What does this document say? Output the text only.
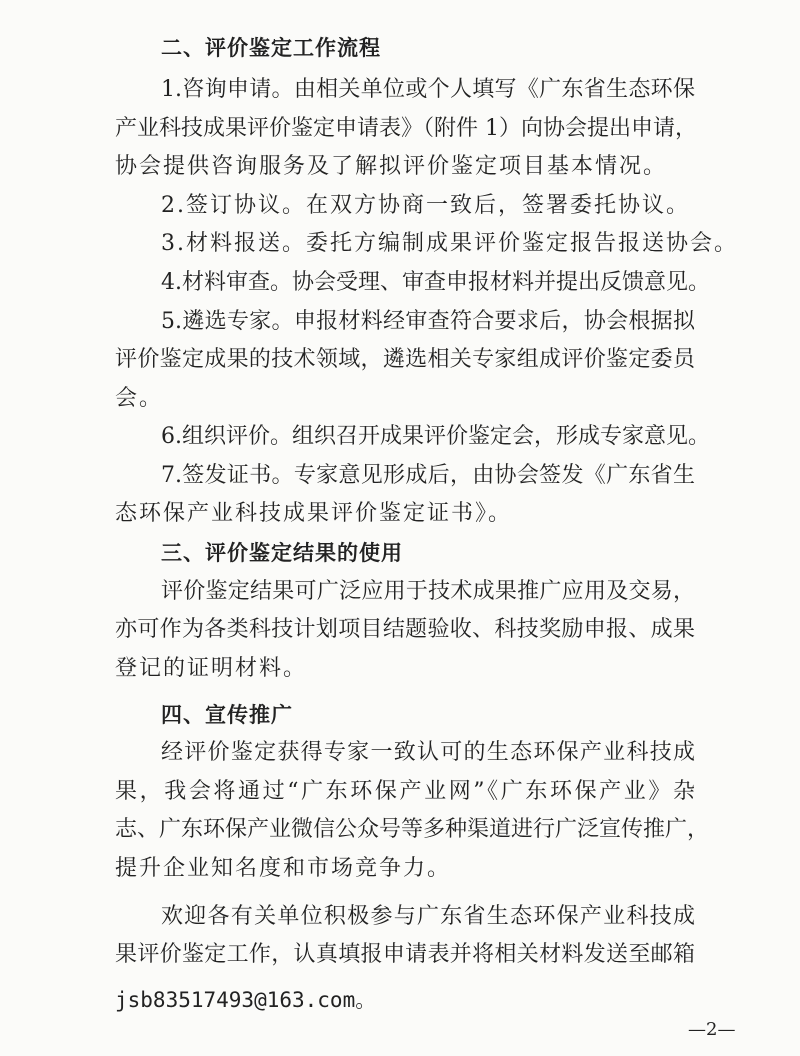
二、评价鉴定工作流程
1.咨询申请。由相关单位或个人填写《广东省生态环保
产业科技成果评价鉴定申请表》（附件 1）向协会提出申请，
协会提供咨询服务及了解拟评价鉴定项目基本情况。
2.签订协议。在双方协商一致后，签署委托协议。
3.材料报送。委托方编制成果评价鉴定报告报送协会。
4.材料审查。协会受理、审查申报材料并提出反馈意见。
5.遴选专家。申报材料经审查符合要求后，协会根据拟
评价鉴定成果的技术领域，遴选相关专家组成评价鉴定委员
会。
6.组织评价。组织召开成果评价鉴定会，形成专家意见。
7.签发证书。专家意见形成后，由协会签发《广东省生
态环保产业科技成果评价鉴定证书》。
三、评价鉴定结果的使用
评价鉴定结果可广泛应用于技术成果推广应用及交易，
亦可作为各类科技计划项目结题验收、科技奖励申报、成果
登记的证明材料。
四、宣传推广
经评价鉴定获得专家一致认可的生态环保产业科技成
果，我会将通过“广东环保产业网”《广东环保产业》杂
志、广东环保产业微信公众号等多种渠道进行广泛宣传推广，
提升企业知名度和市场竞争力。
欢迎各有关单位积极参与广东省生态环保产业科技成
果评价鉴定工作，认真填报申请表并将相关材料发送至邮箱
jsb83517493@163.com。
—2—
